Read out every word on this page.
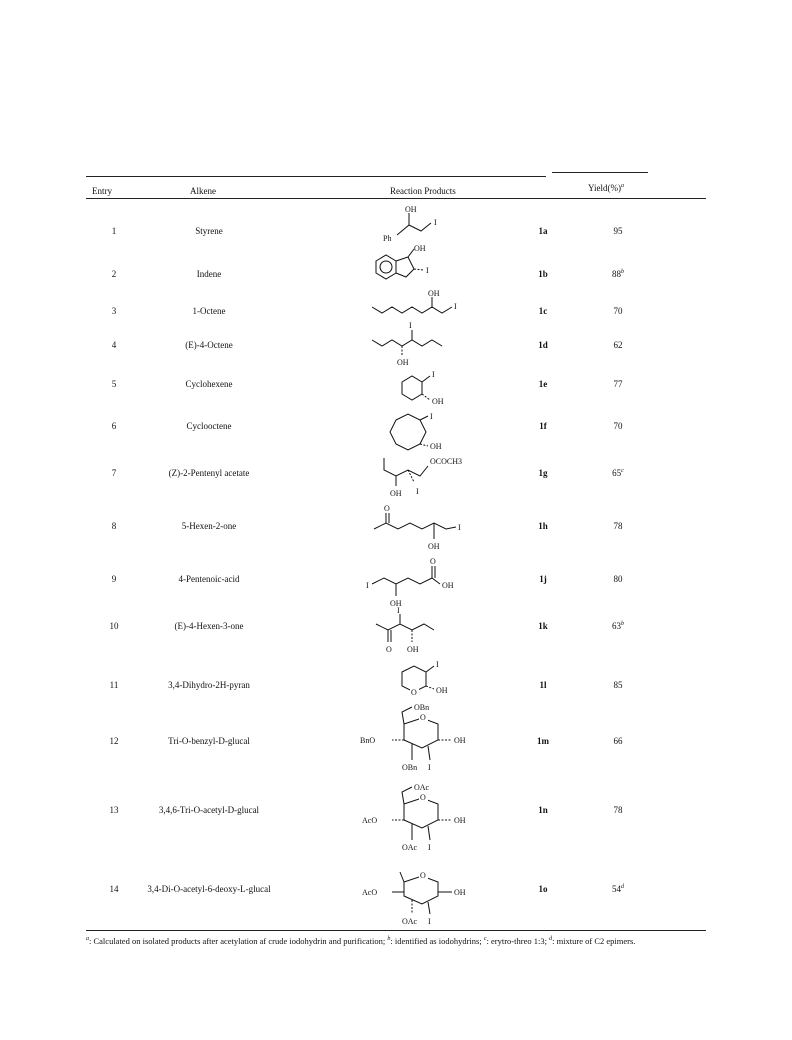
Entry	Alkene	Reaction Products	Yield(%)$^a$
1	Styrene	1a	95
2	Indene	1b	88$^b$
3	1-Octene	1c	70
4	(E)-4-Octene	1d	62
5	Cyclohexene	1e	77
6	Cyclooctene	1f	70
7	(Z)-2-Pentenyl acetate	1g	65$^c$
8	5-Hexen-2-one	1h	78
9	4-Pentenoic-acid	1j	80
10	(E)-4-Hexen-3-one	1k	63$^b$
11	3,4-Dihydro-2H-pyran	1l	85
12	Tri-O-benzyl-D-glucal	1m	66
13	3,4,6-Tri-O-acetyl-D-glucal	1n	78
14	3,4-Di-O-acetyl-6-deoxy-L-glucal	1o	54$^d$
OH
Ph
I
OH
I
OH
I
I
OH
I
OH
I
OH
OH I
OCOCH3
O
OH
I
I
OH
O
OH
O
I
OH
O
I
OH
O
OBn
BnO	OH
OBn I
O
OAc
AcO	OH
OAc I
O
AcO	OH
OAc I
$^a$: Calculated on isolated products after acetylation af crude iodohydrin and purification; $^b$: identified as iodohydrins; $^c$: erytro-threo 1:3; $^d$: mixture of C2 epimers.
